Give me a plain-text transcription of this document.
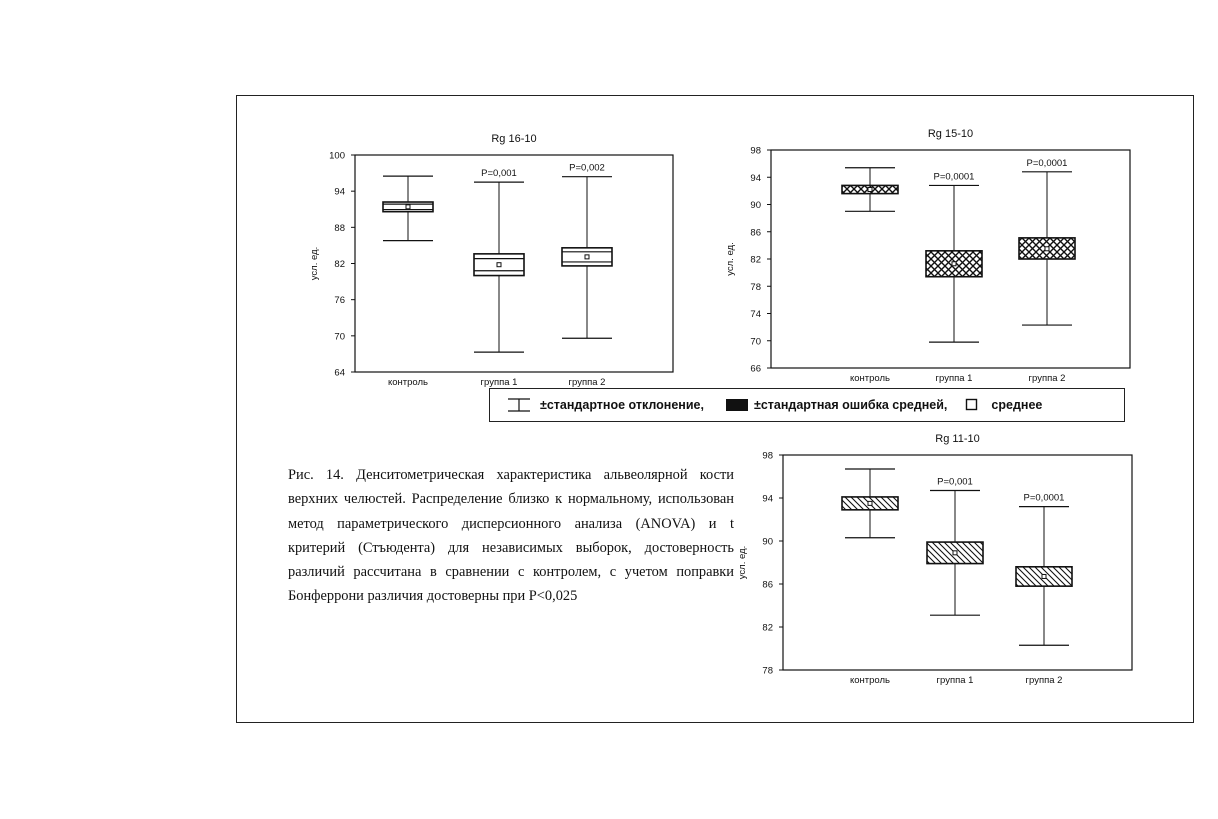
Rg 16-10
64
70
76
82
88
94
100
усл. ед.
контроль
P=0,001
группа 1
P=0,002
группа 2
Rg 15-10
66
70
74
78
82
86
90
94
98
усл. ед.
контроль
P=0,0001
группа 1
P=0,0001
группа 2
Rg 11-10
78
82
86
90
94
98
усл. ед.
контроль
P=0,001
группа 1
P=0,0001
группа 2
±стандартное отклонение,	±стандартная ошибка средней,	среднее

Рис. 14. Денситометрическая характеристика альвеолярной кости верхних челюстей. Распределение близко к нормальному, использован метод параметрического дисперсионного анализа (ANOVA) и t критерий (Стъюдента) для независимых выборок, достоверность различий рассчитана в сравнении с контролем, с учетом поправки Бонферрони различия достоверны при Р<0,025
